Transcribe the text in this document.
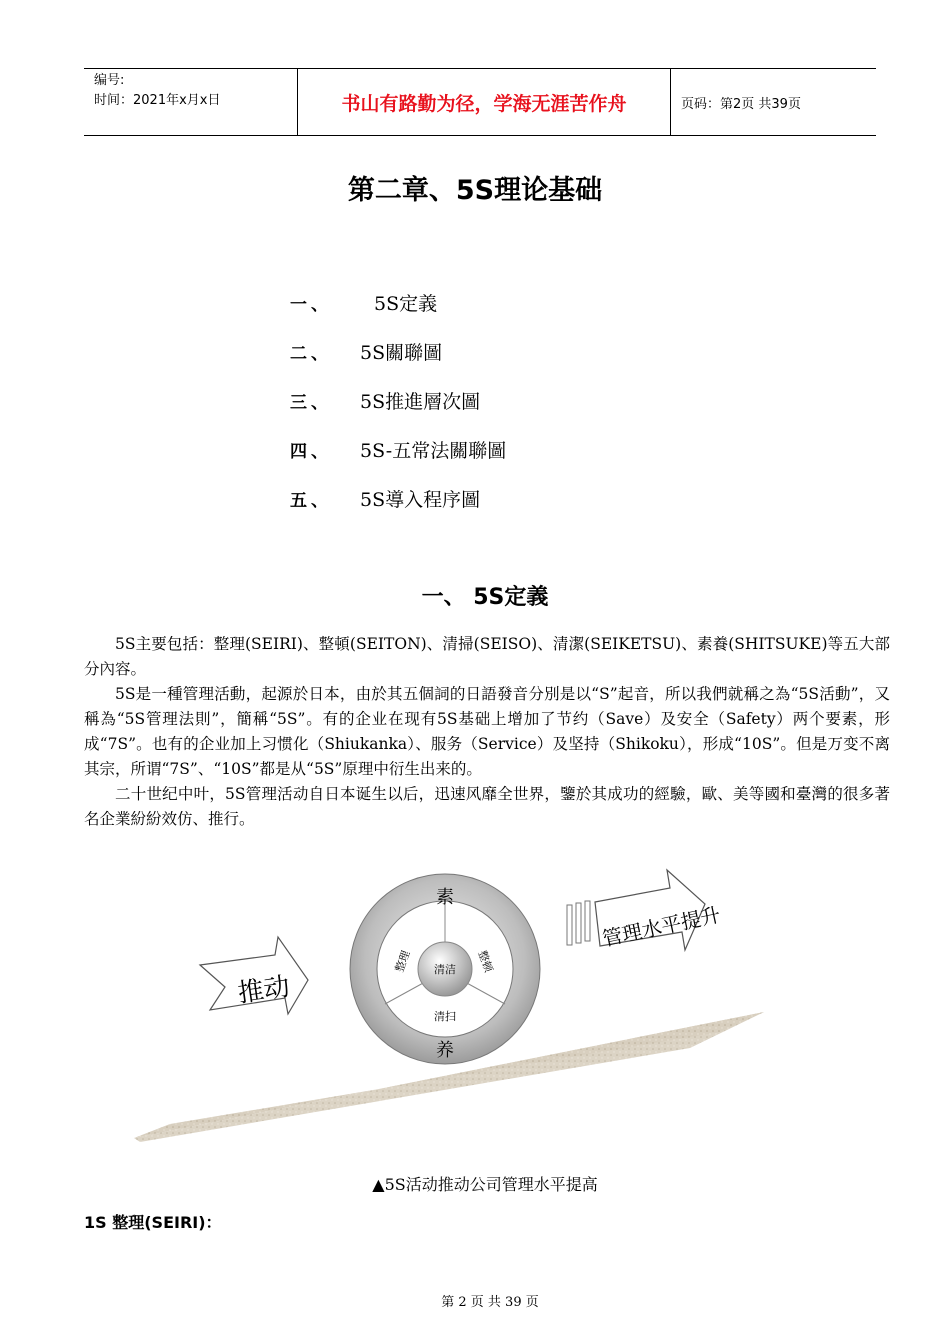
编号:
时间：2021年x月x日	书山有路勤为径，学海无涯苦作舟	页码：第2页 共39页
第二章、5S理论基础
一、	5S定義
二、	5S關聯圖
三、	5S推進層次圖
四、	5S-五常法關聯圖
五、	5S導入程序圖
一、 5S定義

5S主要包括：整理(SEIRI)、整頓(SEITON)、清掃(SEISO)、清潔(SEIKETSU)、素養(SHITSUKE)等五大部分內容。

5S是一種管理活動，起源於日本，由於其五個詞的日語發音分別是以“S”起音，所以我們就稱之為“5S活動”，又稱為“5S管理法則”，簡稱“5S”。有的企业在现有5S基础上增加了节约（Save）及安全（Safety）两个要素，形成“7S”。也有的企业加上习惯化（Shiukanka）、服务（Service）及坚持（Shikoku），形成“10S”。但是万变不离其宗，所谓“7S”、“10S”都是从“5S”原理中衍生出来的。

二十世纪中叶，5S管理活动自日本诞生以后，迅速风靡全世界，鑒於其成功的經驗，歐、美等國和臺灣的很多著名企業紛紛效仿、推行。

推动
管理水平提升
素
养
整理	整顿
清扫
清洁
▲5S活动推动公司管理水平提高
1S 整理(SEIRI)：
第 2 页 共 39 页
